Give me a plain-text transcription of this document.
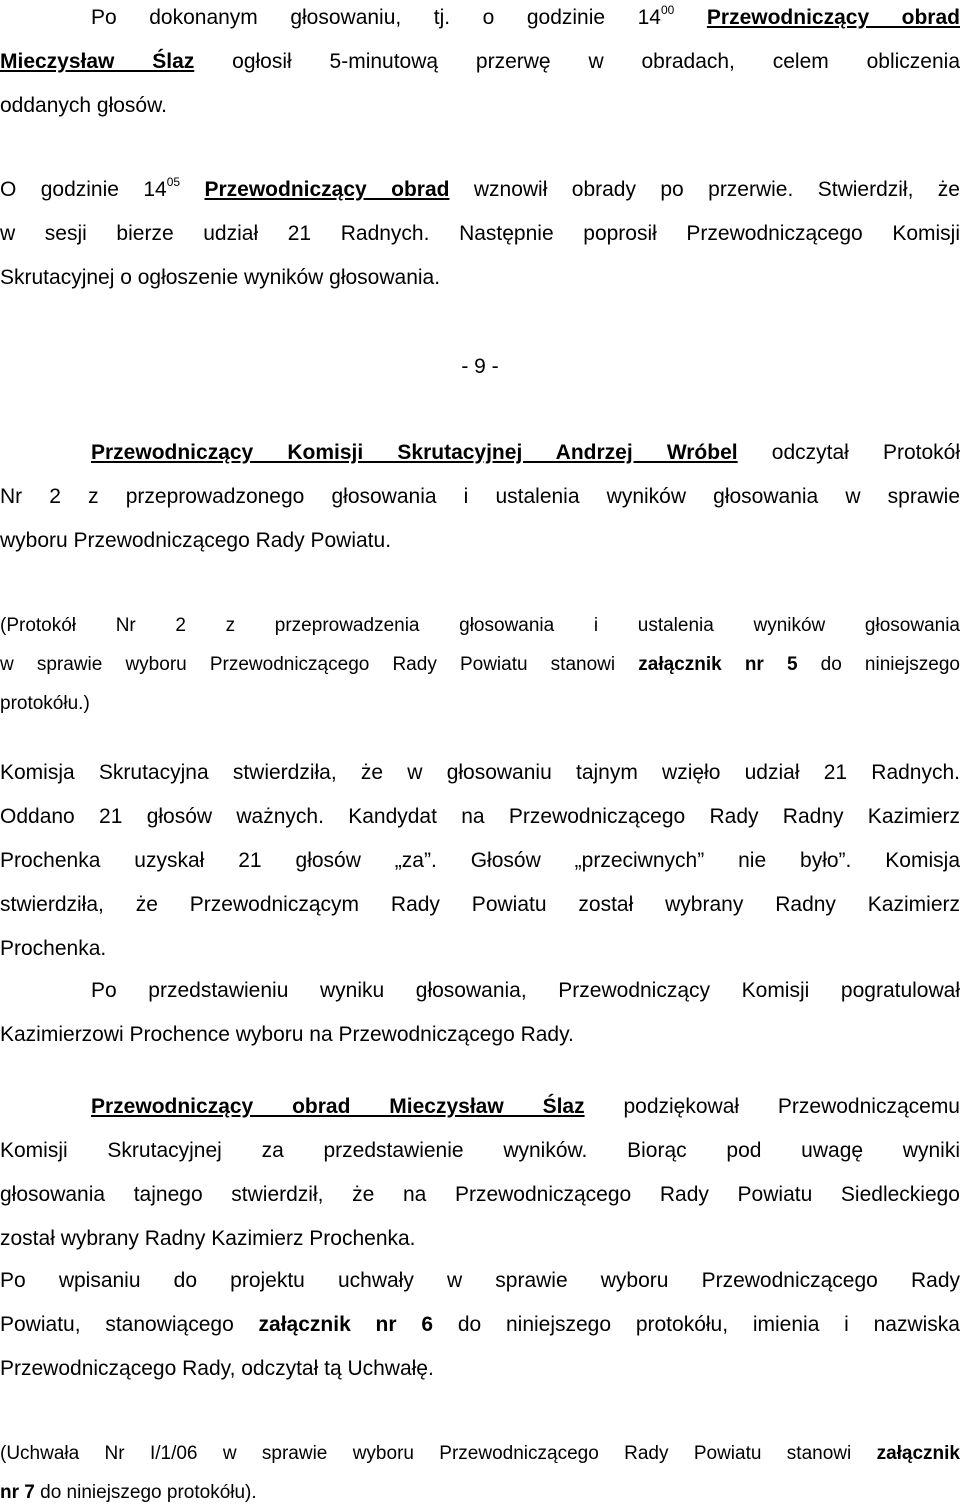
Po dokonanym głosowaniu, tj. o godzinie $14^{00}$ Przewodniczący obrad
Mieczysław Ślaz ogłosił 5-minutową przerwę w obradach, celem obliczenia
oddanych głosów.
O godzinie $14^{05}$ Przewodniczący obrad wznowił obrady po przerwie. Stwierdził, że
w sesji bierze udział 21 Radnych. Następnie poprosił Przewodniczącego Komisji
Skrutacyjnej o ogłoszenie wyników głosowania.
- 9 -
Przewodniczący Komisji Skrutacyjnej Andrzej Wróbel odczytał Protokół
Nr 2 z przeprowadzonego głosowania i ustalenia wyników głosowania w sprawie
wyboru Przewodniczącego Rady Powiatu.
(Protokół Nr 2 z przeprowadzenia głosowania i ustalenia wyników głosowania
w sprawie wyboru Przewodniczącego Rady Powiatu stanowi załącznik nr 5 do niniejszego
protokółu.)
Komisja Skrutacyjna stwierdziła, że w głosowaniu tajnym wzięło udział 21 Radnych.
Oddano 21 głosów ważnych. Kandydat na Przewodniczącego Rady Radny Kazimierz
Prochenka uzyskał 21 głosów „za”. Głosów „przeciwnych” nie było”. Komisja
stwierdziła, że Przewodniczącym Rady Powiatu został wybrany Radny Kazimierz
Prochenka.
Po przedstawieniu wyniku głosowania, Przewodniczący Komisji pogratulował
Kazimierzowi Prochence wyboru na Przewodniczącego Rady.
Przewodniczący obrad Mieczysław Ślaz podziękował Przewodniczącemu
Komisji Skrutacyjnej za przedstawienie wyników. Biorąc pod uwagę wyniki
głosowania tajnego stwierdził, że na Przewodniczącego Rady Powiatu Siedleckiego
został wybrany Radny Kazimierz Prochenka.
Po wpisaniu do projektu uchwały w sprawie wyboru Przewodniczącego Rady
Powiatu, stanowiącego załącznik nr 6 do niniejszego protokółu, imienia i nazwiska
Przewodniczącego Rady, odczytał tą Uchwałę.
(Uchwała Nr I/1/06 w sprawie wyboru Przewodniczącego Rady Powiatu stanowi załącznik
nr 7 do niniejszego protokółu).
